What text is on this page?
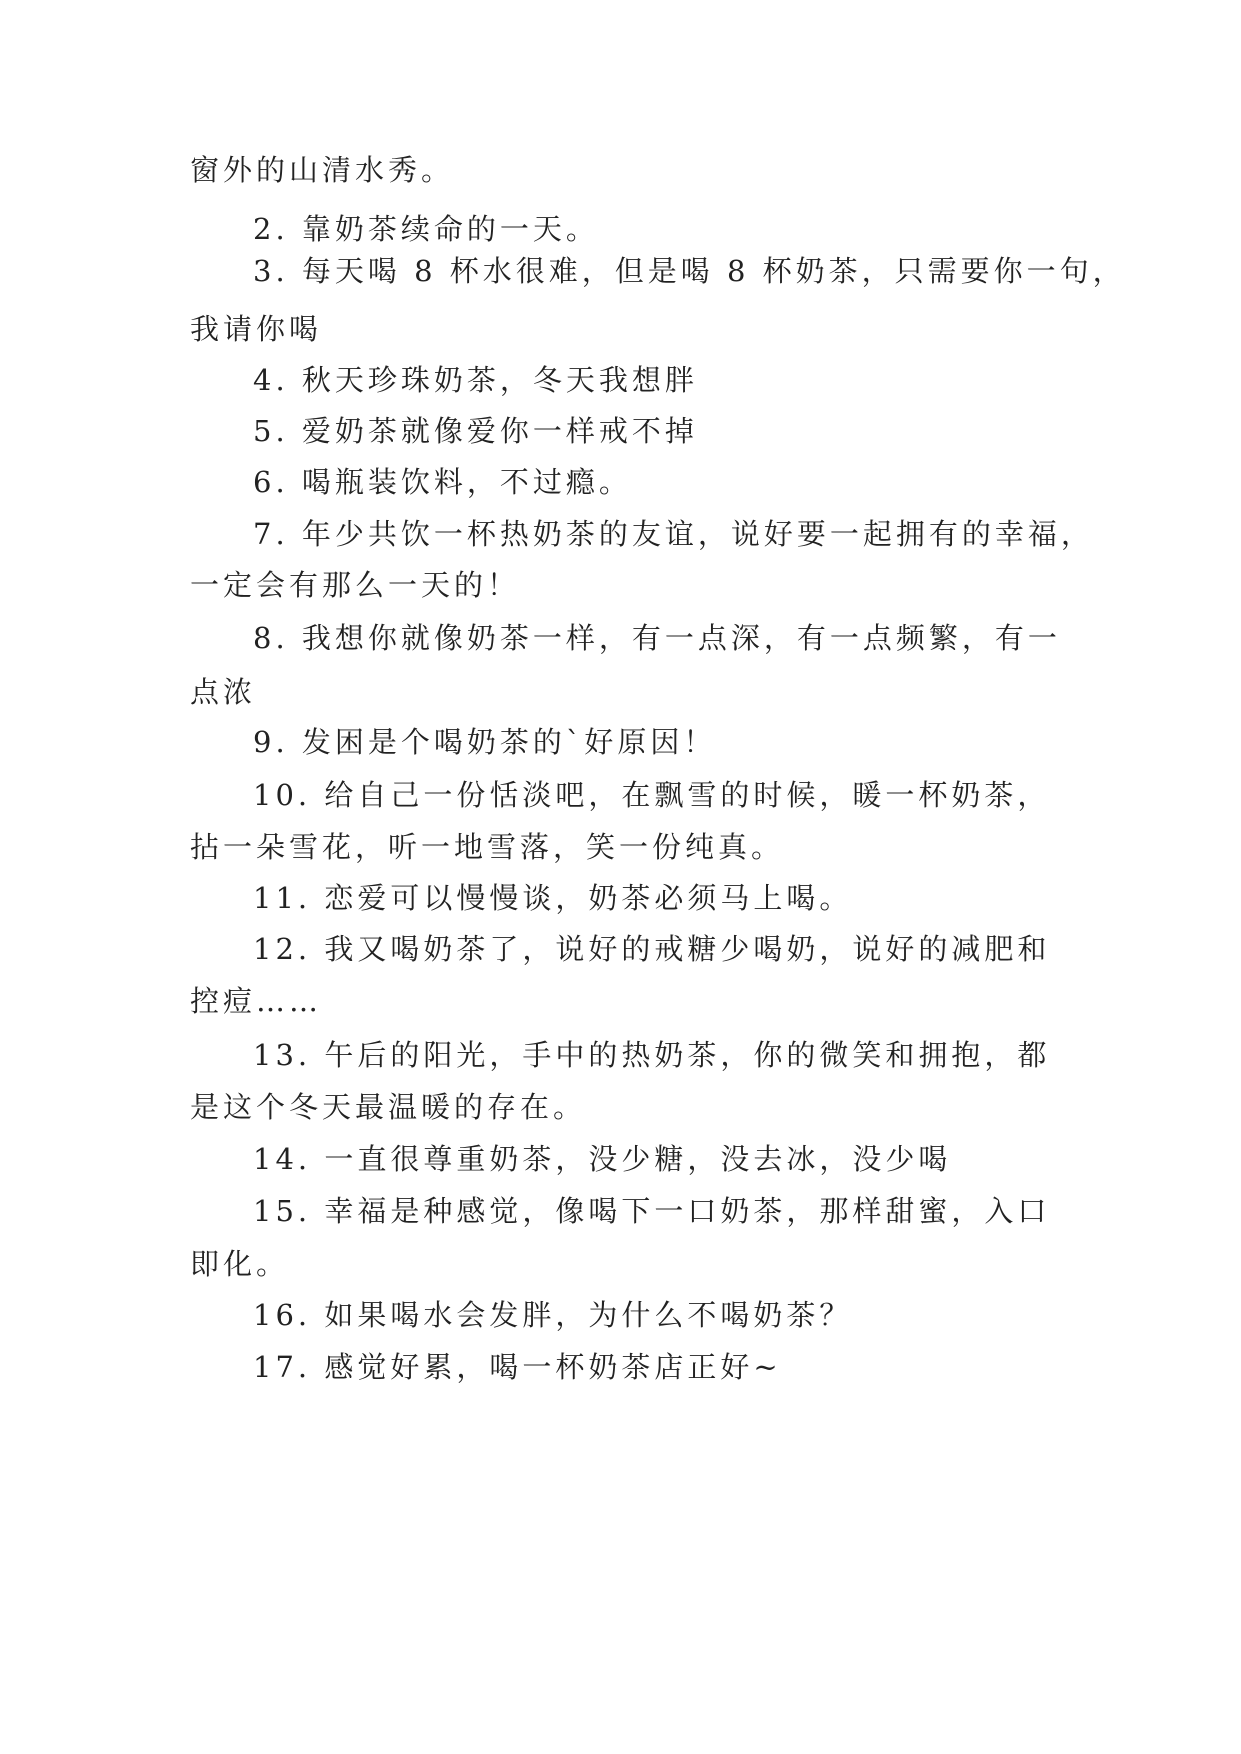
窗外的山清水秀。
2. 靠奶茶续命的一天。
3. 每天喝 8 杯水很难，但是喝 8 杯奶茶，只需要你一句，
我请你喝
4. 秋天珍珠奶茶，冬天我想胖
5. 爱奶茶就像爱你一样戒不掉
6. 喝瓶装饮料，不过瘾。
7. 年少共饮一杯热奶茶的友谊，说好要一起拥有的幸福，
一定会有那么一天的！
8. 我想你就像奶茶一样，有一点深，有一点频繁，有一
点浓
9. 发困是个喝奶茶的`好原因！
10. 给自己一份恬淡吧，在飘雪的时候，暖一杯奶茶，
拈一朵雪花，听一地雪落，笑一份纯真。
11. 恋爱可以慢慢谈，奶茶必须马上喝。
12. 我又喝奶茶了，说好的戒糖少喝奶，说好的减肥和
控痘……
13. 午后的阳光，手中的热奶茶，你的微笑和拥抱，都
是这个冬天最温暖的存在。
14. 一直很尊重奶茶，没少糖，没去冰，没少喝
15. 幸福是种感觉，像喝下一口奶茶，那样甜蜜，入口
即化。
16. 如果喝水会发胖，为什么不喝奶茶？
17. 感觉好累，喝一杯奶茶店正好~
